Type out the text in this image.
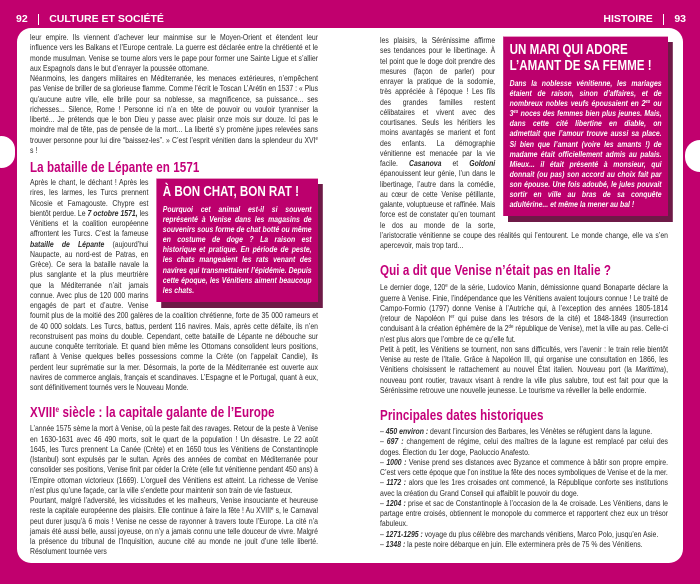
92 CULTURE ET SOCIÉTÉ	HISTOIRE 93

leur empire. Ils viennent d’achever leur mainmise sur le Moyen-Orient et étendent leur influence vers les Balkans et l’Europe centrale. La guerre est déclarée entre la chrétienté et le monde musulman. Venise se tourne alors vers le pape pour former une Sainte Ligue et s’allier aux Espagnols dans le but d’enrayer la poussée ottomane.

Néanmoins, les dangers militaires en Méditerranée, les menaces extérieures, n’empêchent pas Venise de briller de sa glorieuse flamme. Comme l’écrit le Toscan L’Arétin en 1537 : « Plus qu’aucune autre ville, elle brille pour sa noblesse, sa magnificence, sa puissance... ses richesses... Silence, Rome ! Personne ici n’a en tête de pouvoir ou vouloir tyranniser la liberté... Je prétends que le bon Dieu y passe avec plaisir onze mois sur douze. Ici pas le moindre mal de tête, pas de pensée de la mort... La liberté s’y promène jupes relevées sans trouver personne pour lui dire “baissez-les”. » C’est l’esprit vénitien dans la splendeur du XVIe s !

La bataille de Lépante en 1571
À BON CHAT, BON RAT !

Pourquoi cet animal est-il si souvent représenté à Venise dans les magasins de souvenirs sous forme de chat botté ou même en costume de doge ? La raison est historique et pratique. En période de peste, les chats mangeaient les rats venant des navires qui transmettaient l’épidémie. Depuis cette époque, les Vénitiens aiment beaucoup les chats.

Après le chant, le déchant ! Après les rires, les larmes, les Turcs prennent Nicosie et Famagouste. Chypre est bientôt perdue. Le 7 octobre 1571, les Vénitiens et la coalition européenne affrontent les Turcs. C’est la fameuse bataille de Lépante (aujourd’hui Naupacte, au nord-est de Patras, en Grèce). Ce sera la bataille navale la plus sanglante et la plus meurtrière que la Méditerranée n’ait jamais connue. Avec plus de 120 000 marins engagés de part et d’autre. Venise fournit plus de la moitié des 200 galères de la coalition chrétienne, forte de 35 000 rameurs et de 40 000 soldats. Les Turcs, battus, perdent 116 navires. Mais, après cette défaite, ils n’en reconstruisent pas moins du double. Cependant, cette bataille de Lépante ne débouche sur aucune conquête territoriale. Et quand bien même les Ottomans consolident leurs positions, raflant à Venise quelques belles possessions comme la Crète (on l’appelait Candie), ils perdent leur suprématie sur la mer. Désormais, la porte de la Méditerranée est ouverte aux navires de commerce anglais, français et scandinaves. L’Espagne et le Portugal, quant à eux, sont définitivement tournés vers le Nouveau Monde.

XVIIIe siècle : la capitale galante de l’Europe

L’année 1575 sème la mort à Venise, où la peste fait des ravages. Retour de la peste à Venise en 1630-1631 avec 46 490 morts, soit le quart de la population ! Un désastre. Le 22 août 1645, les Turcs prennent La Canée (Crète) et en 1650 tous les Vénitiens de Constantinople (Istanbul) sont expulsés par le sultan. Après des années de combat en Méditerranée pour consolider ses positions, Venise finit par céder la Crète (elle fut vénitienne pendant 450 ans) à l’Empire ottoman victorieux (1669). L’orgueil des Vénitiens est atteint. La richesse de Venise n’est plus qu’une façade, car la ville s’endette pour maintenir son train de vie fastueux.

Pourtant, malgré l’adversité, les vicissitudes et les malheurs, Venise insouciante et heureuse reste la capitale européenne des plaisirs. Elle continue à faire la fête ! Au XVIIIe s, le Carnaval peut durer jusqu’à 6 mois ! Venise ne cesse de rayonner à travers toute l’Europe. La cité n’a jamais été aussi belle, aussi joyeuse, on n’y a jamais connu une telle douceur de vivre. Malgré la présence du tribunal de l’Inquisition, aucune cité au monde ne jouit d’une telle liberté. Résolument tournée vers

UN MARI QUI ADORE L’AMANT DE SA FEMME !

Dans la noblesse vénitienne, les mariages étaient de raison, sinon d’affaires, et de nombreux nobles veufs épousaient en $2^{es}$ ou $3^{es}$ noces des femmes bien plus jeunes. Mais, dans cette cité libertine en diable, on admettait que l’amour trouve aussi sa place. Si bien que l’amant (voire les amants !) de madame était officiellement admis au palais. Mieux... il était présenté à monsieur, qui donnait (ou pas) son accord au choix fait par son épouse. Une fois adoubé, le jules pouvait sortir en ville au bras de sa conquête adultérine... et même la mener au bal !

les plaisirs, la Sérénissime affirme ses tendances pour le libertinage. À tel point que le doge doit prendre des mesures (façon de parler) pour enrayer la pratique de la sodomie, très appréciée à l’époque ! Les fils des grandes familles restent célibataires et vivent avec des courtisanes. Seuls les héritiers les moins avantagés se marient et font des enfants. La démographie vénitienne est menacée par la vie facile. Casanova et Goldoni épanouissent leur génie, l’un dans le libertinage, l’autre dans la comédie, au cœur de cette Venise pétillante, galante, voluptueuse et raffinée. Mais force est de constater qu’en tournant le dos au monde de la sorte, l’aristocratie vénitienne se coupe des réalités qui l’entourent. Le monde change, elle va s’en apercevoir, mais trop tard...

Qui a dit que Venise n’était pas en Italie ?

Le dernier doge, 120e de la série, Ludovico Manin, démissionne quand Bonaparte déclare la guerre à Venise. Finie, l’indépendance que les Vénitiens avaient toujours connue ! Le traité de Campo-Formio (1797) donne Venise à l’Autriche qui, à l’exception des années 1805-1814 (retour de Napoléon Ier qui puise dans les trésors de la cité) et 1848-1849 (insurrection conduisant à la création éphémère de la 2de république de Venise), met la ville au pas. Celle-ci n’est plus alors que l’ombre de ce qu’elle fut.

Petit à petit, les Vénitiens se tournent, non sans difficultés, vers l’avenir : le train relie bientôt Venise au reste de l’Italie. Grâce à Napoléon III, qui organise une consultation en 1866, les Vénitiens choisissent le rattachement au nouvel État italien. Nouveau port (la Marittima), nouveau pont routier, travaux visant à rendre la ville plus salubre, tout est fait pour que la Sérénissime retrouve une nouvelle jeunesse. Le tourisme va réveiller la belle endormie.

Principales dates historiques

– 450 environ : devant l’incursion des Barbares, les Vénètes se réfugient dans la lagune.

– 697 : changement de régime, celui des maîtres de la lagune est remplacé par celui des doges. Élection du 1er doge, Paoluccio Anafesto.

– 1000 : Venise prend ses distances avec Byzance et commence à bâtir son propre empire. C’est vers cette époque que l’on institue la fête des noces symboliques de Venise et de la mer.

– 1172 : alors que les 1res croisades ont commencé, la République conforte ses institutions avec la création du Grand Conseil qui affaiblit le pouvoir du doge.

– 1204 : prise et sac de Constantinople à l’occasion de la 4e croisade. Les Vénitiens, dans le partage entre croisés, obtiennent le monopole du commerce et rapportent chez eux un trésor fabuleux.

– 1271-1295 : voyage du plus célèbre des marchands vénitiens, Marco Polo, jusqu’en Asie.

– 1348 : la peste noire débarque en juin. Elle exterminera près de 75 % des Vénitiens.
